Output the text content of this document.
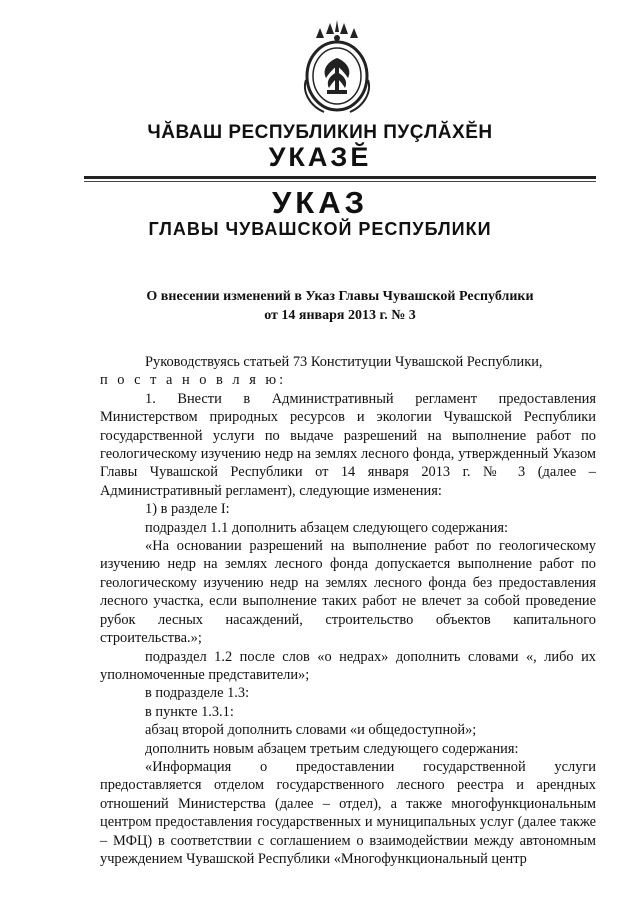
ЧĂВАШ РЕСПУБЛИКИН ПУÇЛĂХĔН
УКАЗĔ
УКАЗ
ГЛАВЫ ЧУВАШСКОЙ РЕСПУБЛИКИ
О внесении изменений в Указ Главы Чувашской Республики
от 14 января 2013 г. № 3

Руководствуясь статьей 73 Конституции Чувашской Республики,

п о с т а н о в л я ю:

1. Внести в Административный регламент предоставления Министерством природных ресурсов и экологии Чувашской Республики государственной услуги по выдаче разрешений на выполнение работ по геологическому изучению недр на землях лесного фонда, утвержденный Указом Главы Чувашской Республики от 14 января 2013 г. № 3 (далее – Административный регламент), следующие изменения:

1) в разделе I:

подраздел 1.1 дополнить абзацем следующего содержания:

«На основании разрешений на выполнение работ по геологическому изучению недр на землях лесного фонда допускается выполнение работ по геологическому изучению недр на землях лесного фонда без предоставления лесного участка, если выполнение таких работ не влечет за собой проведение рубок лесных насаждений, строительство объектов капитального строительства.»;

подраздел 1.2 после слов «о недрах» дополнить словами «, либо их уполномоченные представители»;

в подразделе 1.3:

в пункте 1.3.1:

абзац второй дополнить словами «и общедоступной»;

дополнить новым абзацем третьим следующего содержания:

«Информация о предоставлении государственной услуги предоставляется отделом государственного лесного реестра и арендных отношений Министерства (далее – отдел), а также многофункциональным центром предоставления государственных и муниципальных услуг (далее также – МФЦ) в соответствии с соглашением о взаимодействии между автономным учреждением Чувашской Республики «Многофункциональный центр
